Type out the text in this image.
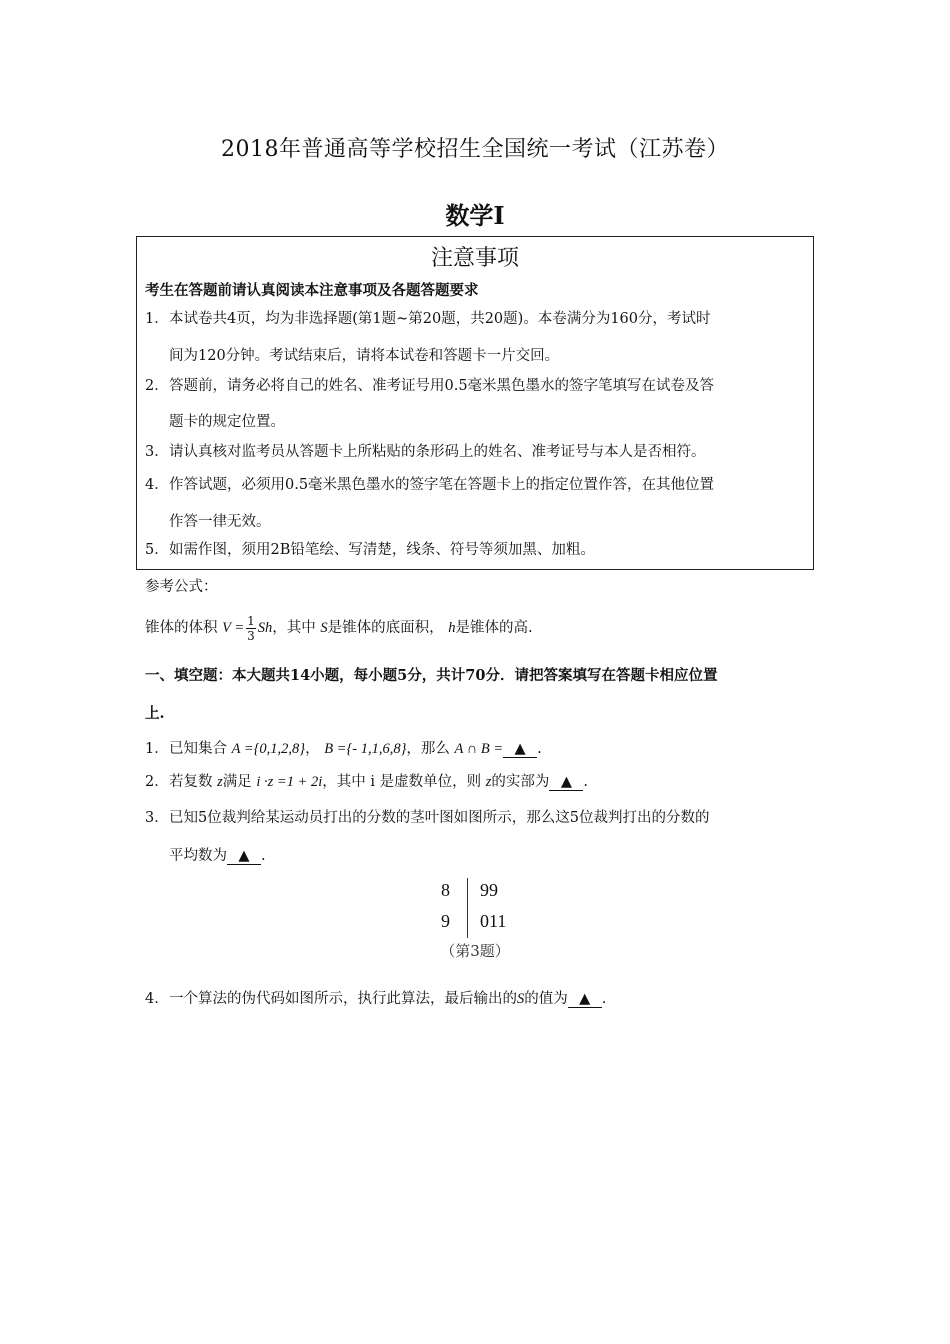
2018年普通高等学校招生全国统一考试（江苏卷）
数学Ⅰ
注意事项
考生在答题前请认真阅读本注意事项及各题答题要求
1．本试卷共4页，均为非选择题(第1题~第20题，共20题)。本卷满分为160分，考试时
间为120分钟。考试结束后，请将本试卷和答题卡一片交回。
2．答题前，请务必将自己的姓名、准考证号用0.5毫米黑色墨水的签字笔填写在试卷及答
题卡的规定位置。
3．请认真核对监考员从答题卡上所粘贴的条形码上的姓名、准考证号与本人是否相符。
4．作答试题，必须用0.5毫米黑色墨水的签字笔在答题卡上的指定位置作答，在其他位置
作答一律无效。
5．如需作图，须用2B铅笔绘、写清楚，线条、符号等须加黑、加粗。
参考公式：
锥体的体积 $V = \frac{1}{3}$ Sh，其中 S是锥体的底面积， h是锥体的高.
一、填空题：本大题共14小题，每小题5分，共计70分．请把答案填写在答题卡相应位置
上.
1．已知集合 A ={0,1,2,8}， B ={- 1,1,6,8}，那么 A ∩ B = ▲ .
2．若复数 z满足 i ·z =1 + 2i，其中 i 是虚数单位，则 z的实部为 ▲ .
3．已知5位裁判给某运动员打出的分数的茎叶图如图所示，那么这5位裁判打出的分数的
平均数为 ▲ .
8 99
9 011
（第3题）
4．一个算法的伪代码如图所示，执行此算法，最后输出的S的值为 ▲ .
